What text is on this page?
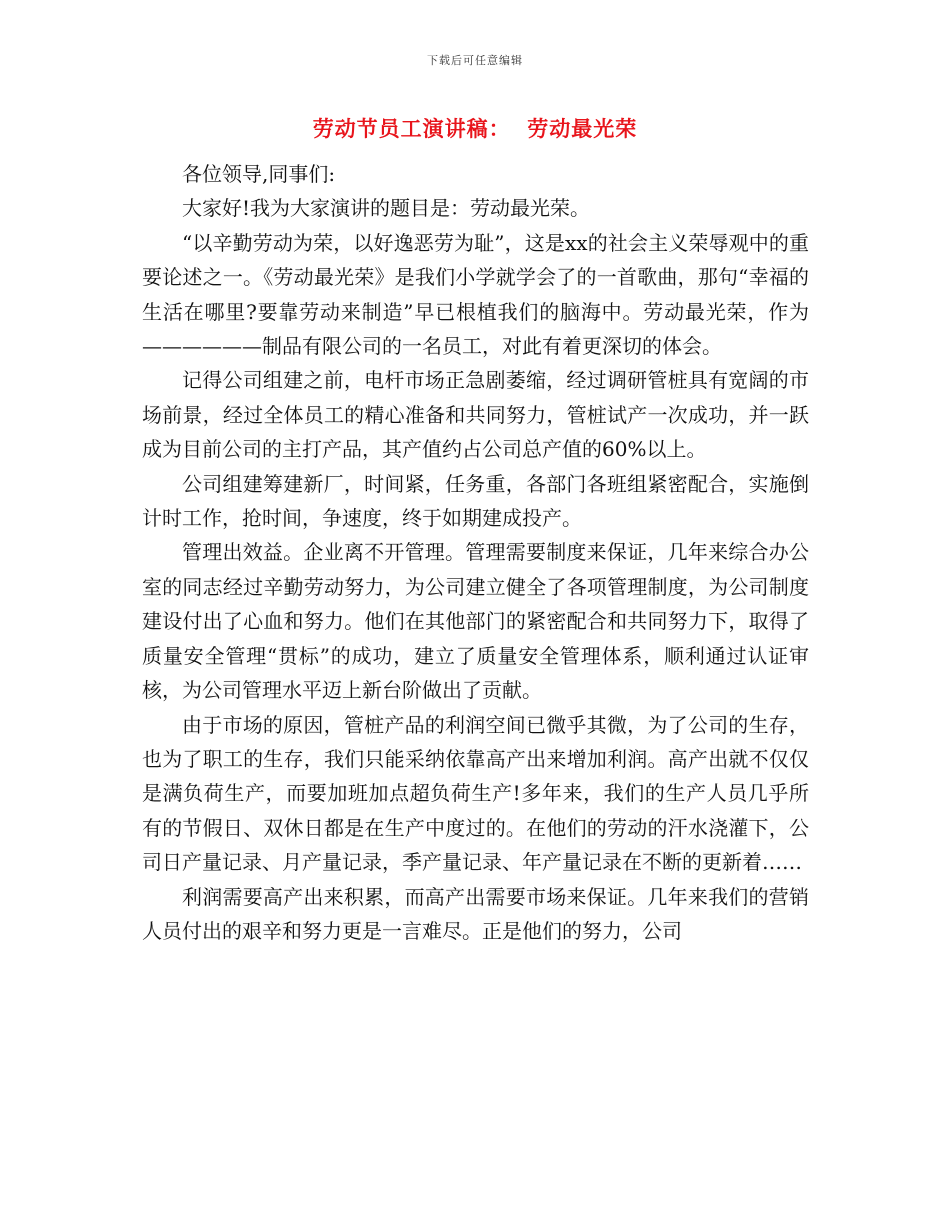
下载后可任意编辑
劳动节员工演讲稿：  劳动最光荣

各位领导,同事们:

大家好!我为大家演讲的题目是：劳动最光荣。

“以辛勤劳动为荣，以好逸恶劳为耻”，这是xx的社会主义荣辱观中的重要论述之一。《劳动最光荣》是我们小学就学会了的一首歌曲，那句“幸福的生活在哪里?要靠劳动来制造”早已根植我们的脑海中。劳动最光荣，作为——————制品有限公司的一名员工，对此有着更深切的体会。

记得公司组建之前，电杆市场正急剧萎缩，经过调研管桩具有宽阔的市场前景，经过全体员工的精心准备和共同努力，管桩试产一次成功，并一跃成为目前公司的主打产品，其产值约占公司总产值的60%以上。

公司组建筹建新厂，时间紧，任务重，各部门各班组紧密配合，实施倒计时工作，抢时间，争速度，终于如期建成投产。

管理出效益。企业离不开管理。管理需要制度来保证，几年来综合办公室的同志经过辛勤劳动努力，为公司建立健全了各项管理制度，为公司制度建设付出了心血和努力。他们在其他部门的紧密配合和共同努力下，取得了质量安全管理“贯标”的成功，建立了质量安全管理体系，顺利通过认证审核，为公司管理水平迈上新台阶做出了贡献。

由于市场的原因，管桩产品的利润空间已微乎其微，为了公司的生存，也为了职工的生存，我们只能采纳依靠高产出来增加利润。高产出就不仅仅是满负荷生产，而要加班加点超负荷生产!多年来，我们的生产人员几乎所有的节假日、双休日都是在生产中度过的。在他们的劳动的汗水浇灌下，公司日产量记录、月产量记录，季产量记录、年产量记录在不断的更新着……

利润需要高产出来积累，而高产出需要市场来保证。几年来我们的营销人员付出的艰辛和努力更是一言难尽。正是他们的努力，公司
